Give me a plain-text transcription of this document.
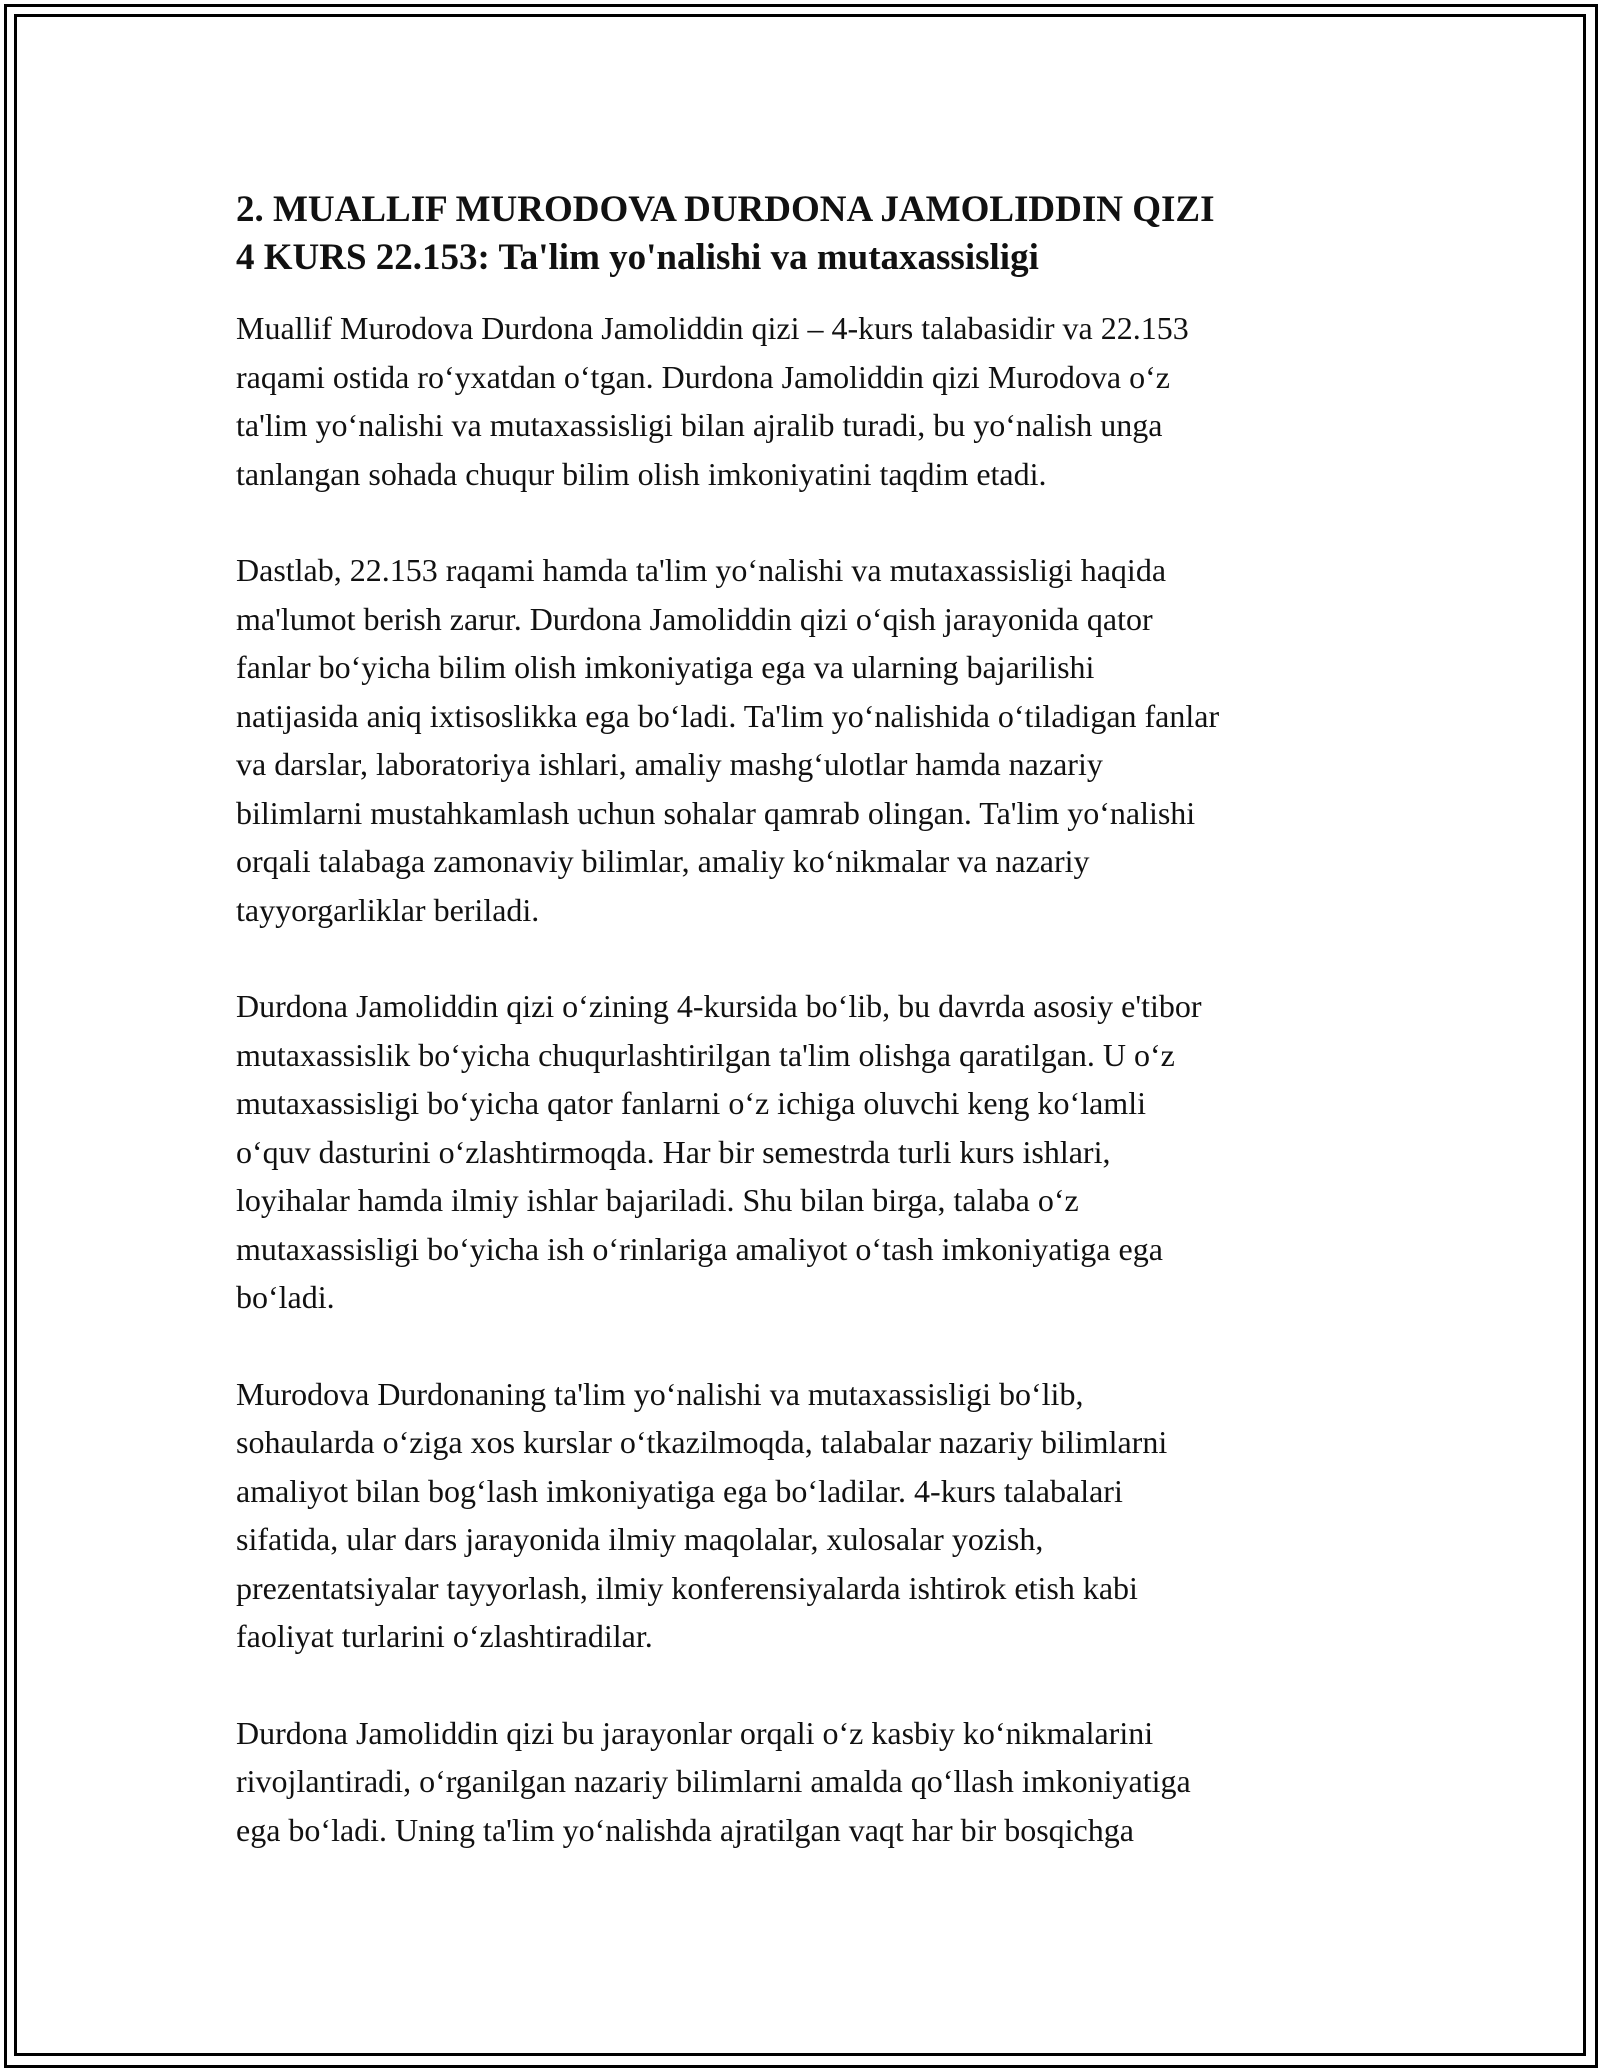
2. MUALLIF MURODOVA DURDONA JAMOLIDDIN QIZI
4 KURS 22.153: Ta'lim yo'nalishi va mutaxassisligi

Muallif Murodova Durdona Jamoliddin qizi – 4-kurs talabasidir va 22.153
raqami ostida roʻyxatdan oʻtgan. Durdona Jamoliddin qizi Murodova oʻz
ta'lim yoʻnalishi va mutaxassisligi bilan ajralib turadi, bu yoʻnalish unga
tanlangan sohada chuqur bilim olish imkoniyatini taqdim etadi.

Dastlab, 22.153 raqami hamda ta'lim yoʻnalishi va mutaxassisligi haqida
ma'lumot berish zarur. Durdona Jamoliddin qizi oʻqish jarayonida qator
fanlar boʻyicha bilim olish imkoniyatiga ega va ularning bajarilishi
natijasida aniq ixtisoslikka ega boʻladi. Ta'lim yoʻnalishida oʻtiladigan fanlar
va darslar, laboratoriya ishlari, amaliy mashgʻulotlar hamda nazariy
bilimlarni mustahkamlash uchun sohalar qamrab olingan. Ta'lim yoʻnalishi
orqali talabaga zamonaviy bilimlar, amaliy koʻnikmalar va nazariy
tayyorgarliklar beriladi.

Durdona Jamoliddin qizi oʻzining 4-kursida boʻlib, bu davrda asosiy e'tibor
mutaxassislik boʻyicha chuqurlashtirilgan ta'lim olishga qaratilgan. U oʻz
mutaxassisligi boʻyicha qator fanlarni oʻz ichiga oluvchi keng koʻlamli
oʻquv dasturini oʻzlashtirmoqda. Har bir semestrda turli kurs ishlari,
loyihalar hamda ilmiy ishlar bajariladi. Shu bilan birga, talaba oʻz
mutaxassisligi boʻyicha ish oʻrinlariga amaliyot oʻtash imkoniyatiga ega
boʻladi.

Murodova Durdonaning ta'lim yoʻnalishi va mutaxassisligi boʻlib,
sohaularda oʻziga xos kurslar oʻtkazilmoqda, talabalar nazariy bilimlarni
amaliyot bilan bogʻlash imkoniyatiga ega boʻladilar. 4-kurs talabalari
sifatida, ular dars jarayonida ilmiy maqolalar, xulosalar yozish,
prezentatsiyalar tayyorlash, ilmiy konferensiyalarda ishtirok etish kabi
faoliyat turlarini oʻzlashtiradilar.

Durdona Jamoliddin qizi bu jarayonlar orqali oʻz kasbiy koʻnikmalarini
rivojlantiradi, oʻrganilgan nazariy bilimlarni amalda qoʻllash imkoniyatiga
ega boʻladi. Uning ta'lim yoʻnalishda ajratilgan vaqt har bir bosqichga
